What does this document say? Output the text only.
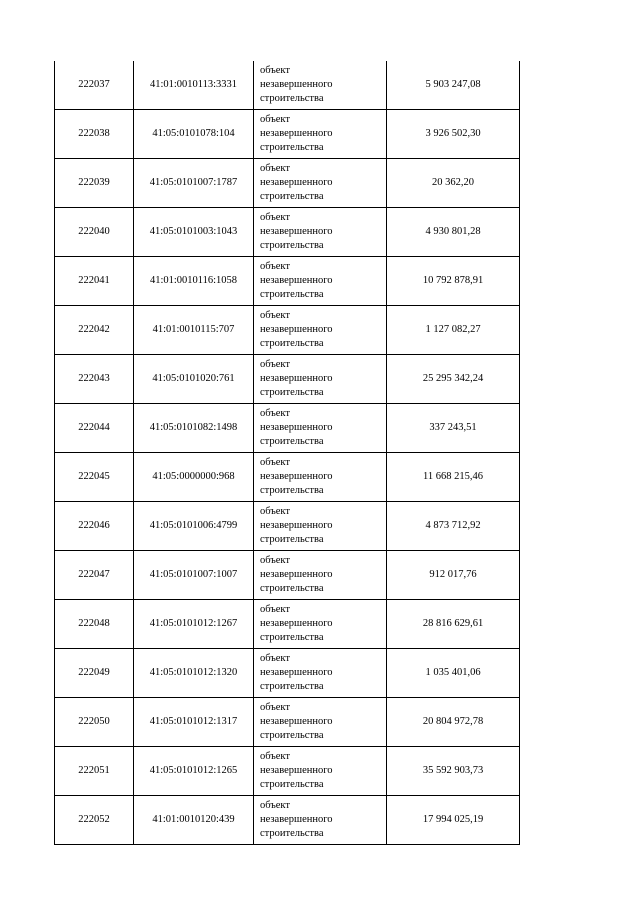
222037	41:01:0010113:3331	объект
незавершенного
строительства	5 903 247,08
222038	41:05:0101078:104	объект
незавершенного
строительства	3 926 502,30
222039	41:05:0101007:1787	объект
незавершенного
строительства	20 362,20
222040	41:05:0101003:1043	объект
незавершенного
строительства	4 930 801,28
222041	41:01:0010116:1058	объект
незавершенного
строительства	10 792 878,91
222042	41:01:0010115:707	объект
незавершенного
строительства	1 127 082,27
222043	41:05:0101020:761	объект
незавершенного
строительства	25 295 342,24
222044	41:05:0101082:1498	объект
незавершенного
строительства	337 243,51
222045	41:05:0000000:968	объект
незавершенного
строительства	11 668 215,46
222046	41:05:0101006:4799	объект
незавершенного
строительства	4 873 712,92
222047	41:05:0101007:1007	объект
незавершенного
строительства	912 017,76
222048	41:05:0101012:1267	объект
незавершенного
строительства	28 816 629,61
222049	41:05:0101012:1320	объект
незавершенного
строительства	1 035 401,06
222050	41:05:0101012:1317	объект
незавершенного
строительства	20 804 972,78
222051	41:05:0101012:1265	объект
незавершенного
строительства	35 592 903,73
222052	41:01:0010120:439	объект
незавершенного
строительства	17 994 025,19
